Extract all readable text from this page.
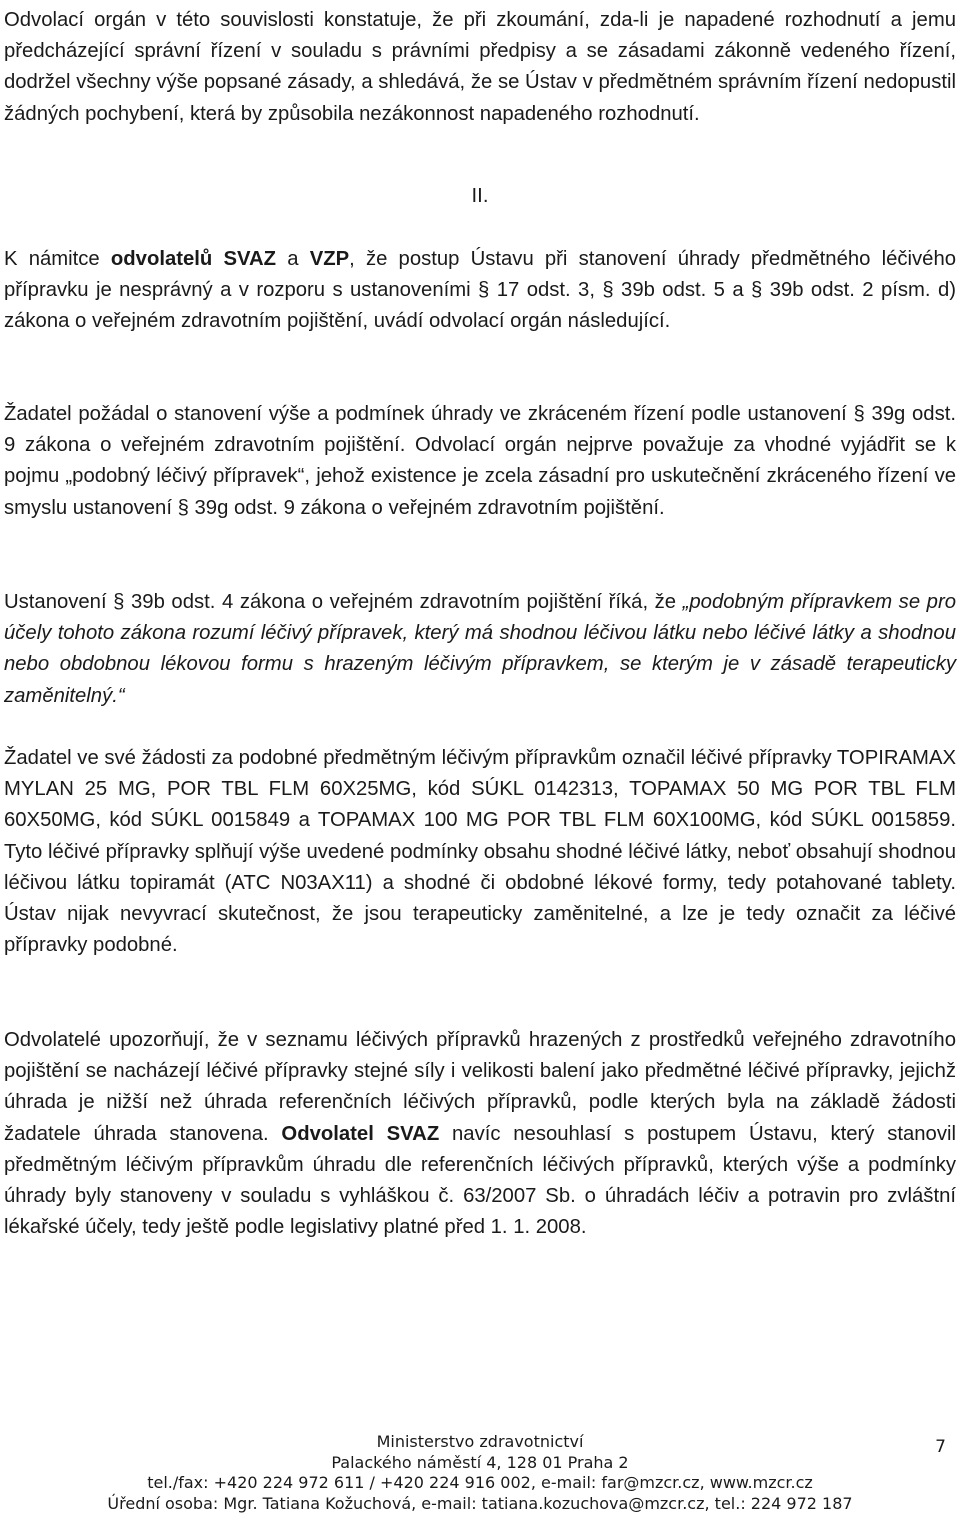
Odvolací orgán v této souvislosti konstatuje, že při zkoumání, zda-li je napadené rozhodnutí a jemu předcházející správní řízení v souladu s právními předpisy a se zásadami zákonně vedeného řízení, dodržel všechny výše popsané zásady, a shledává, že se Ústav v předmětném správním řízení nedopustil žádných pochybení, která by způsobila nezákonnost napadeného rozhodnutí.

II.

K námitce odvolatelů SVAZ a VZP, že postup Ústavu při stanovení úhrady předmětného léčivého přípravku je nesprávný a v rozporu s ustanoveními § 17 odst. 3, § 39b odst. 5 a § 39b odst. 2 písm. d) zákona o veřejném zdravotním pojištění, uvádí odvolací orgán následující.

Žadatel požádal o stanovení výše a podmínek úhrady ve zkráceném řízení podle ustanovení § 39g odst. 9 zákona o veřejném zdravotním pojištění. Odvolací orgán nejprve považuje za vhodné vyjádřit se k pojmu „podobný léčivý přípravek“, jehož existence je zcela zásadní pro uskutečnění zkráceného řízení ve smyslu ustanovení § 39g odst. 9 zákona o veřejném zdravotním pojištění.

Ustanovení § 39b odst. 4 zákona o veřejném zdravotním pojištění říká, že „podobným přípravkem se pro účely tohoto zákona rozumí léčivý přípravek, který má shodnou léčivou látku nebo léčivé látky a shodnou nebo obdobnou lékovou formu s hrazeným léčivým přípravkem, se kterým je v zásadě terapeuticky zaměnitelný.“

Žadatel ve své žádosti za podobné předmětným léčivým přípravkům označil léčivé přípravky TOPIRAMAX MYLAN 25 MG, POR TBL FLM 60X25MG, kód SÚKL 0142313, TOPAMAX 50 MG POR TBL FLM 60X50MG, kód SÚKL 0015849 a TOPAMAX 100 MG POR TBL FLM 60X100MG, kód SÚKL 0015859. Tyto léčivé přípravky splňují výše uvedené podmínky obsahu shodné léčivé látky, neboť obsahují shodnou léčivou látku topiramát (ATC N03AX11) a shodné či obdobné lékové formy, tedy potahované tablety. Ústav nijak nevyvrací skutečnost, že jsou terapeuticky zaměnitelné, a lze je tedy označit za léčivé přípravky podobné.

Odvolatelé upozorňují, že v seznamu léčivých přípravků hrazených z prostředků veřejného zdravotního pojištění se nacházejí léčivé přípravky stejné síly i velikosti balení jako předmětné léčivé přípravky, jejichž úhrada je nižší než úhrada referenčních léčivých přípravků, podle kterých byla na základě žádosti žadatele úhrada stanovena. Odvolatel SVAZ navíc nesouhlasí s postupem Ústavu, který stanovil předmětným léčivým přípravkům úhradu dle referenčních léčivých přípravků, kterých výše a podmínky úhrady byly stanoveny v souladu s vyhláškou č. 63/2007 Sb. o úhradách léčiv a potravin pro zvláštní lékařské účely, tedy ještě podle legislativy platné před 1. 1. 2008.

Ministerstvo zdravotnictví
Palackého náměstí 4, 128 01 Praha 2
tel./fax: +420 224 972 611 / +420 224 916 002, e-mail: far@mzcr.cz, www.mzcr.cz
Úřední osoba: Mgr. Tatiana Kožuchová, e-mail: tatiana.kozuchova@mzcr.cz, tel.: 224 972 187
7
